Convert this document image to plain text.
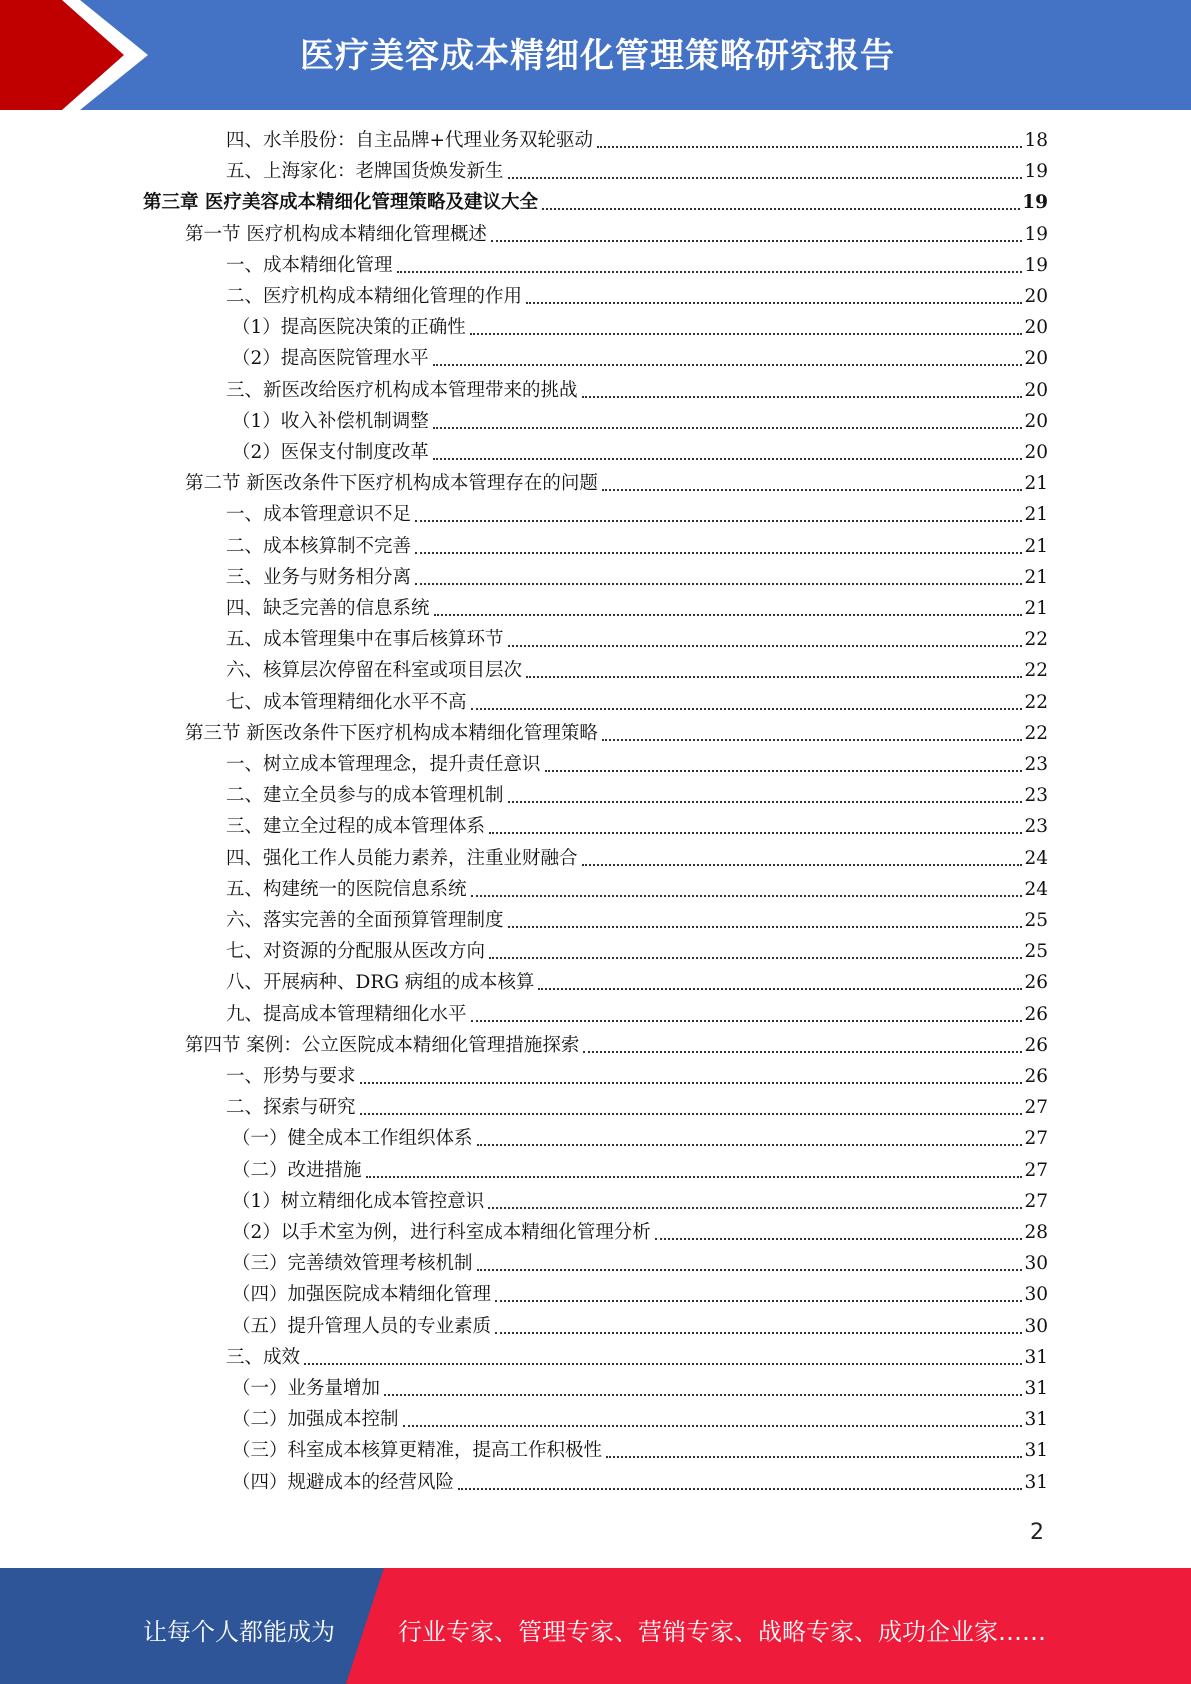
医疗美容成本精细化管理策略研究报告
四、水羊股份：自主品牌+代理业务双轮驱动	18
五、上海家化：老牌国货焕发新生	19
第三章 医疗美容成本精细化管理策略及建议大全	19
第一节 医疗机构成本精细化管理概述	19
一、成本精细化管理	19
二、医疗机构成本精细化管理的作用	20
（1）提高医院决策的正确性	20
（2）提高医院管理水平	20
三、新医改给医疗机构成本管理带来的挑战	20
（1）收入补偿机制调整	20
（2）医保支付制度改革	20
第二节 新医改条件下医疗机构成本管理存在的问题	21
一、成本管理意识不足	21
二、成本核算制不完善	21
三、业务与财务相分离	21
四、缺乏完善的信息系统	21
五、成本管理集中在事后核算环节	22
六、核算层次停留在科室或项目层次	22
七、成本管理精细化水平不高	22
第三节 新医改条件下医疗机构成本精细化管理策略	22
一、树立成本管理理念，提升责任意识	23
二、建立全员参与的成本管理机制	23
三、建立全过程的成本管理体系	23
四、强化工作人员能力素养，注重业财融合	24
五、构建统一的医院信息系统	24
六、落实完善的全面预算管理制度	25
七、对资源的分配服从医改方向	25
八、开展病种、DRG 病组的成本核算	26
九、提高成本管理精细化水平	26
第四节 案例：公立医院成本精细化管理措施探索	26
一、形势与要求	26
二、探索与研究	27
（一）健全成本工作组织体系	27
（二）改进措施	27
（1）树立精细化成本管控意识	27
（2）以手术室为例，进行科室成本精细化管理分析	28
（三）完善绩效管理考核机制	30
（四）加强医院成本精细化管理	30
（五）提升管理人员的专业素质	30
三、成效	31
（一）业务量增加	31
（二）加强成本控制	31
（三）科室成本核算更精准，提高工作积极性	31
（四）规避成本的经营风险	31
2
让每个人都能成为	行业专家、管理专家、营销专家、战略专家、成功企业家……
